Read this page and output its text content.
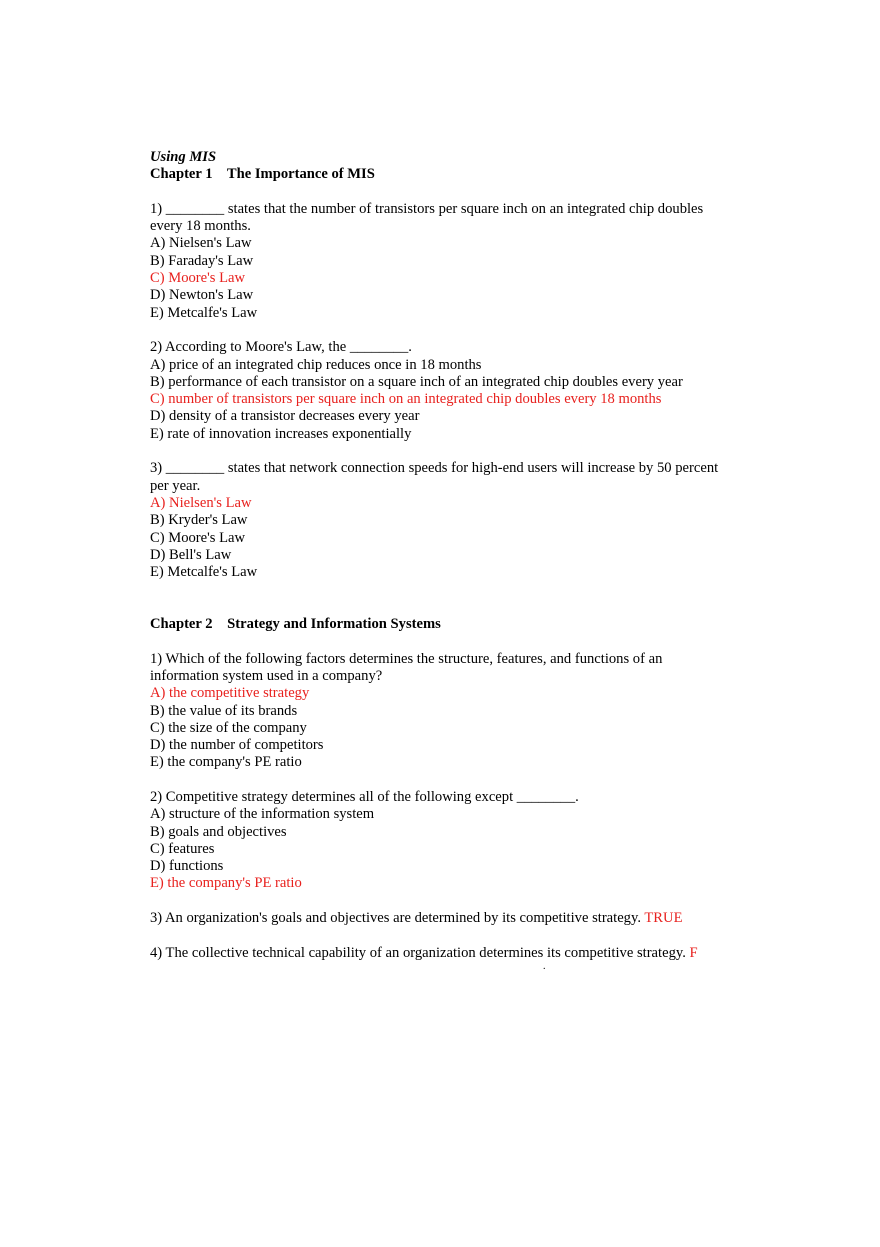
Using MIS
Chapter 1    The Importance of MIS
1) ________ states that the number of transistors per square inch on an integrated chip doubles
every 18 months.
A) Nielsen's Law
B) Faraday's Law
C) Moore's Law
D) Newton's Law
E) Metcalfe's Law
2) According to Moore's Law, the ________.
A) price of an integrated chip reduces once in 18 months
B) performance of each transistor on a square inch of an integrated chip doubles every year
C) number of transistors per square inch on an integrated chip doubles every 18 months
D) density of a transistor decreases every year
E) rate of innovation increases exponentially
3) ________ states that network connection speeds for high-end users will increase by 50 percent
per year.
A) Nielsen's Law
B) Kryder's Law
C) Moore's Law
D) Bell's Law
E) Metcalfe's Law
Chapter 2    Strategy and Information Systems
1) Which of the following factors determines the structure, features, and functions of an
information system used in a company?
A) the competitive strategy
B) the value of its brands
C) the size of the company
D) the number of competitors
E) the company's PE ratio
2) Competitive strategy determines all of the following except ________.
A) structure of the information system
B) goals and objectives
C) features
D) functions
E) the company's PE ratio
3) An organization's goals and objectives are determined by its competitive strategy. TRUE
4) The collective technical capability of an organization determines its competitive strategy. F
.
